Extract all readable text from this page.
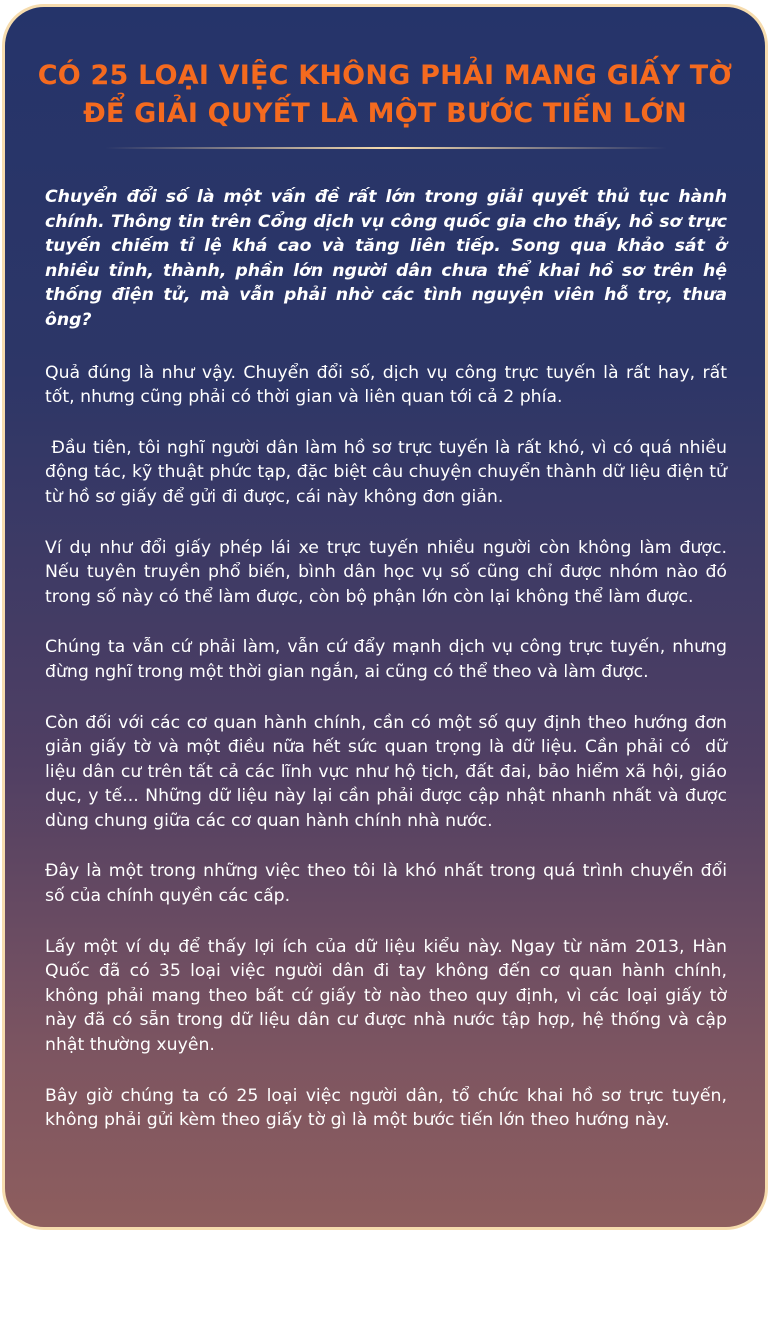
CÓ 25 LOẠI VIỆC KHÔNG PHẢI MANG GIẤY TỜ
ĐỂ GIẢI QUYẾT LÀ MỘT BƯỚC TIẾN LỚN

Chuyển đổi số là một vấn đề rất lớn trong giải quyết thủ tục hành chính. Thông tin trên Cổng dịch vụ công quốc gia cho thấy, hồ sơ trực tuyến chiếm tỉ lệ khá cao và tăng liên tiếp. Song qua khảo sát ở nhiều tỉnh, thành, phần lớn người dân chưa thể khai hồ sơ trên hệ thống điện tử, mà vẫn phải nhờ các tình nguyện viên hỗ trợ, thưa ông?

Quả đúng là như vậy. Chuyển đổi số, dịch vụ công trực tuyến là rất hay, rất tốt, nhưng cũng phải có thời gian và liên quan tới cả 2 phía.

Đầu tiên, tôi nghĩ người dân làm hồ sơ trực tuyến là rất khó, vì có quá nhiều động tác, kỹ thuật phức tạp, đặc biệt câu chuyện chuyển thành dữ liệu điện tử từ hồ sơ giấy để gửi đi được, cái này không đơn giản.

Ví dụ như đổi giấy phép lái xe trực tuyến nhiều người còn không làm được. Nếu tuyên truyền phổ biến, bình dân học vụ số cũng chỉ được nhóm nào đó trong số này có thể làm được, còn bộ phận lớn còn lại không thể làm được.

Chúng ta vẫn cứ phải làm, vẫn cứ đẩy mạnh dịch vụ công trực tuyến, nhưng đừng nghĩ trong một thời gian ngắn, ai cũng có thể theo và làm được.

Còn đối với các cơ quan hành chính, cần có một số quy định theo hướng đơn giản giấy tờ và một điều nữa hết sức quan trọng là dữ liệu. Cần phải có  dữ liệu dân cư trên tất cả các lĩnh vực như hộ tịch, đất đai, bảo hiểm xã hội, giáo dục, y tế... Những dữ liệu này lại cần phải được cập nhật nhanh nhất và được dùng chung giữa các cơ quan hành chính nhà nước.

Đây là một trong những việc theo tôi là khó nhất trong quá trình chuyển đổi số của chính quyền các cấp.

Lấy một ví dụ để thấy lợi ích của dữ liệu kiểu này. Ngay từ năm 2013, Hàn Quốc đã có 35 loại việc người dân đi tay không đến cơ quan hành chính, không phải mang theo bất cứ giấy tờ nào theo quy định, vì các loại giấy tờ này đã có sẵn trong dữ liệu dân cư được nhà nước tập hợp, hệ thống và cập nhật thường xuyên.

Bây giờ chúng ta có 25 loại việc người dân, tổ chức khai hồ sơ trực tuyến, không phải gửi kèm theo giấy tờ gì là một bước tiến lớn theo hướng này.
